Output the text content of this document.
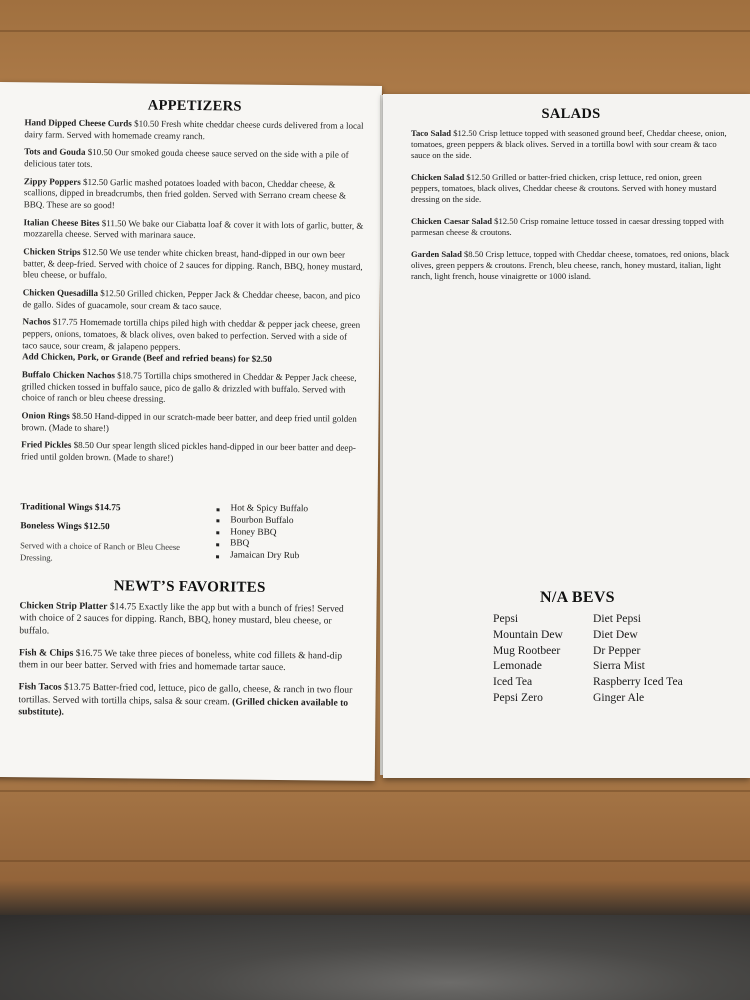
APPETIZERS

Hand Dipped Cheese Curds $10.50 Fresh white cheddar cheese curds delivered from a local dairy farm. Served with homemade creamy ranch.

Tots and Gouda $10.50 Our smoked gouda cheese sauce served on the side with a pile of delicious tater tots.

Zippy Poppers $12.50 Garlic mashed potatoes loaded with bacon, Cheddar cheese, & scallions, dipped in breadcrumbs, then fried golden. Served with Serrano cream cheese & BBQ. These are so good!

Italian Cheese Bites $11.50 We bake our Ciabatta loaf & cover it with lots of garlic, butter, & mozzarella cheese. Served with marinara sauce.

Chicken Strips $12.50 We use tender white chicken breast, hand-dipped in our own beer batter, & deep-fried. Served with choice of 2 sauces for dipping. Ranch, BBQ, honey mustard, bleu cheese, or buffalo.

Chicken Quesadilla $12.50 Grilled chicken, Pepper Jack & Cheddar cheese, bacon, and pico de gallo. Sides of guacamole, sour cream & taco sauce.

Nachos $17.75 Homemade tortilla chips piled high with cheddar & pepper jack cheese, green peppers, onions, tomatoes, & black olives, oven baked to perfection. Served with a side of taco sauce, sour cream, & jalapeno peppers.
Add Chicken, Pork, or Grande (Beef and refried beans) for $2.50

Buffalo Chicken Nachos $18.75 Tortilla chips smothered in Cheddar & Pepper Jack cheese, grilled chicken tossed in buffalo sauce, pico de gallo & drizzled with buffalo. Served with choice of ranch or bleu cheese dressing.

Onion Rings $8.50 Hand-dipped in our scratch-made beer batter, and deep fried until golden brown. (Made to share!)

Fried Pickles $8.50 Our spear length sliced pickles hand-dipped in our beer batter and deep-fried until golden brown. (Made to share!)

Traditional Wings $14.75
Boneless Wings $12.50
Served with a choice of Ranch or Bleu Cheese Dressing.
Hot & Spicy Buffalo
Bourbon Buffalo
Honey BBQ
BBQ
Jamaican Dry Rub
NEWT’S FAVORITES

Chicken Strip Platter $14.75 Exactly like the app but with a bunch of fries! Served with choice of 2 sauces for dipping. Ranch, BBQ, honey mustard, bleu cheese, or buffalo.

Fish & Chips $16.75 We take three pieces of boneless, white cod fillets & hand-dip them in our beer batter. Served with fries and homemade tartar sauce.

Fish Tacos $13.75 Batter-fried cod, lettuce, pico de gallo, cheese, & ranch in two flour tortillas. Served with tortilla chips, salsa & sour cream. (Grilled chicken available to substitute).

SALADS

Taco Salad $12.50 Crisp lettuce topped with seasoned ground beef, Cheddar cheese, onion, tomatoes, green peppers & black olives. Served in a tortilla bowl with sour cream & taco sauce on the side.

Chicken Salad $12.50 Grilled or batter-fried chicken, crisp lettuce, red onion, green peppers, tomatoes, black olives, Cheddar cheese & croutons. Served with honey mustard dressing on the side.

Chicken Caesar Salad $12.50 Crisp romaine lettuce tossed in caesar dressing topped with parmesan cheese & croutons.

Garden Salad $8.50 Crisp lettuce, topped with Cheddar cheese, tomatoes, red onions, black olives, green peppers & croutons. French, bleu cheese, ranch, honey mustard, italian, light ranch, light french, house vinaigrette or 1000 island.

N/A BEVS
Pepsi	Diet Pepsi
Mountain Dew	Diet Dew
Mug Rootbeer	Dr Pepper
Lemonade	Sierra Mist
Iced Tea	Raspberry Iced Tea
Pepsi Zero	Ginger Ale
